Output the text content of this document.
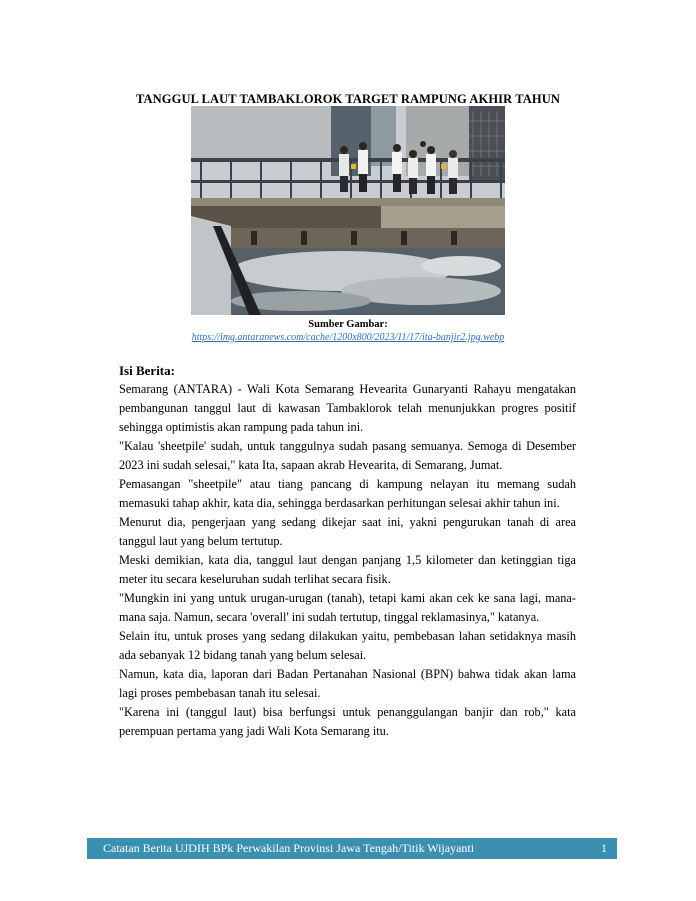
TANGGUL LAUT TAMBAKLOROK TARGET RAMPUNG AKHIR TAHUN
Sumber Gambar:
https://img.antaranews.com/cache/1200x800/2023/11/17/ita-banjir2.jpg.webp

Isi Berita:

Semarang (ANTARA) - Wali Kota Semarang Hevearita Gunaryanti Rahayu mengatakan pembangunan tanggul laut di kawasan Tambaklorok telah menunjukkan progres positif sehingga optimistis akan rampung pada tahun ini.

"Kalau 'sheetpile' sudah, untuk tanggulnya sudah pasang semuanya. Semoga di Desember 2023 ini sudah selesai," kata Ita, sapaan akrab Hevearita, di Semarang, Jumat.

Pemasangan "sheetpile" atau tiang pancang di kampung nelayan itu memang sudah memasuki tahap akhir, kata dia, sehingga berdasarkan perhitungan selesai akhir tahun ini.

Menurut dia, pengerjaan yang sedang dikejar saat ini, yakni pengurukan tanah di area tanggul laut yang belum tertutup.

Meski demikian, kata dia, tanggul laut dengan panjang 1,5 kilometer dan ketinggian tiga meter itu secara keseluruhan sudah terlihat secara fisik.

"Mungkin ini yang untuk urugan-urugan (tanah), tetapi kami akan cek ke sana lagi, mana-mana saja. Namun, secara 'overall' ini sudah tertutup, tinggal reklamasinya," katanya.

Selain itu, untuk proses yang sedang dilakukan yaitu, pembebasan lahan setidaknya masih ada sebanyak 12 bidang tanah yang belum selesai.

Namun, kata dia, laporan dari Badan Pertanahan Nasional (BPN) bahwa tidak akan lama lagi proses pembebasan tanah itu selesai.

"Karena ini (tanggul laut) bisa berfungsi untuk penanggulangan banjir dan rob," kata perempuan pertama yang jadi Wali Kota Semarang itu.

Catatan Berita UJDIH BPk Perwakilan Provinsi Jawa Tengah/Titik Wijayanti	1
